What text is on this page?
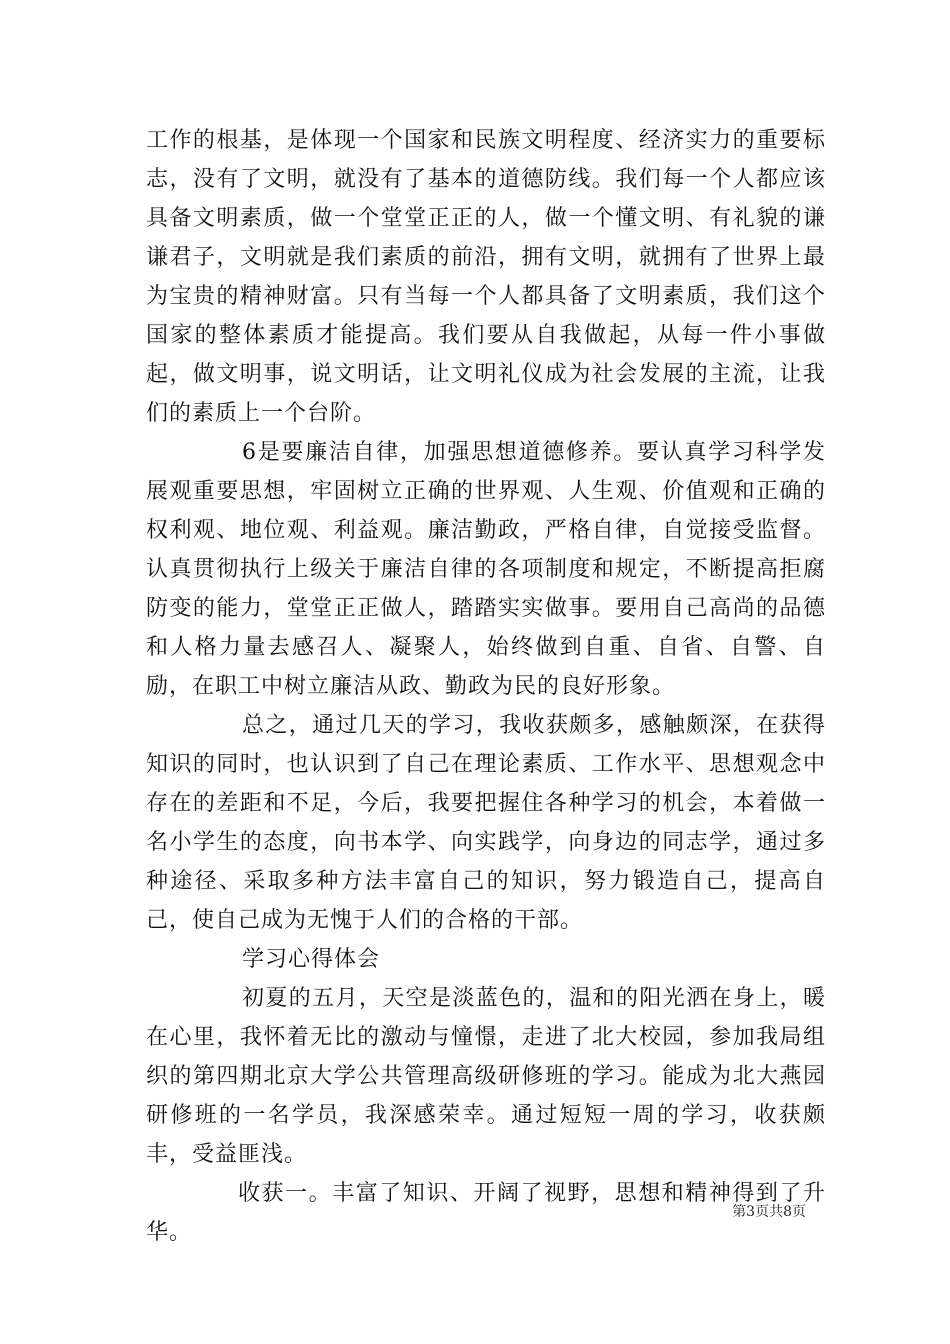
工作的根基，是体现一个国家和民族文明程度、经济实力的重要标志，没有了文明，就没有了基本的道德防线。我们每一个人都应该具备文明素质，做一个堂堂正正的人，做一个懂文明、有礼貌的谦谦君子，文明就是我们素质的前沿，拥有文明，就拥有了世界上最为宝贵的精神财富。只有当每一个人都具备了文明素质，我们这个国家的整体素质才能提高。我们要从自我做起，从每一件小事做起，做文明事，说文明话，让文明礼仪成为社会发展的主流，让我们的素质上一个台阶。

6是要廉洁自律，加强思想道德修养。要认真学习科学发展观重要思想，牢固树立正确的世界观、人生观、价值观和正确的权利观、地位观、利益观。廉洁勤政，严格自律，自觉接受监督。认真贯彻执行上级关于廉洁自律的各项制度和规定，不断提高拒腐防变的能力，堂堂正正做人，踏踏实实做事。要用自己高尚的品德和人格力量去感召人、凝聚人，始终做到自重、自省、自警、自励，在职工中树立廉洁从政、勤政为民的良好形象。

总之，通过几天的学习，我收获颇多，感触颇深，在获得知识的同时，也认识到了自己在理论素质、工作水平、思想观念中存在的差距和不足，今后，我要把握住各种学习的机会，本着做一名小学生的态度，向书本学、向实践学，向身边的同志学，通过多种途径、采取多种方法丰富自己的知识，努力锻造自己，提高自己，使自己成为无愧于人们的合格的干部。

学习心得体会

初夏的五月，天空是淡蓝色的，温和的阳光洒在身上，暖在心里，我怀着无比的激动与憧憬，走进了北大校园，参加我局组织的第四期北京大学公共管理高级研修班的学习。能成为北大燕园研修班的一名学员，我深感荣幸。通过短短一周的学习，收获颇丰，受益匪浅。

收获一。丰富了知识、开阔了视野，思想和精神得到了升华。

第3页共8页
